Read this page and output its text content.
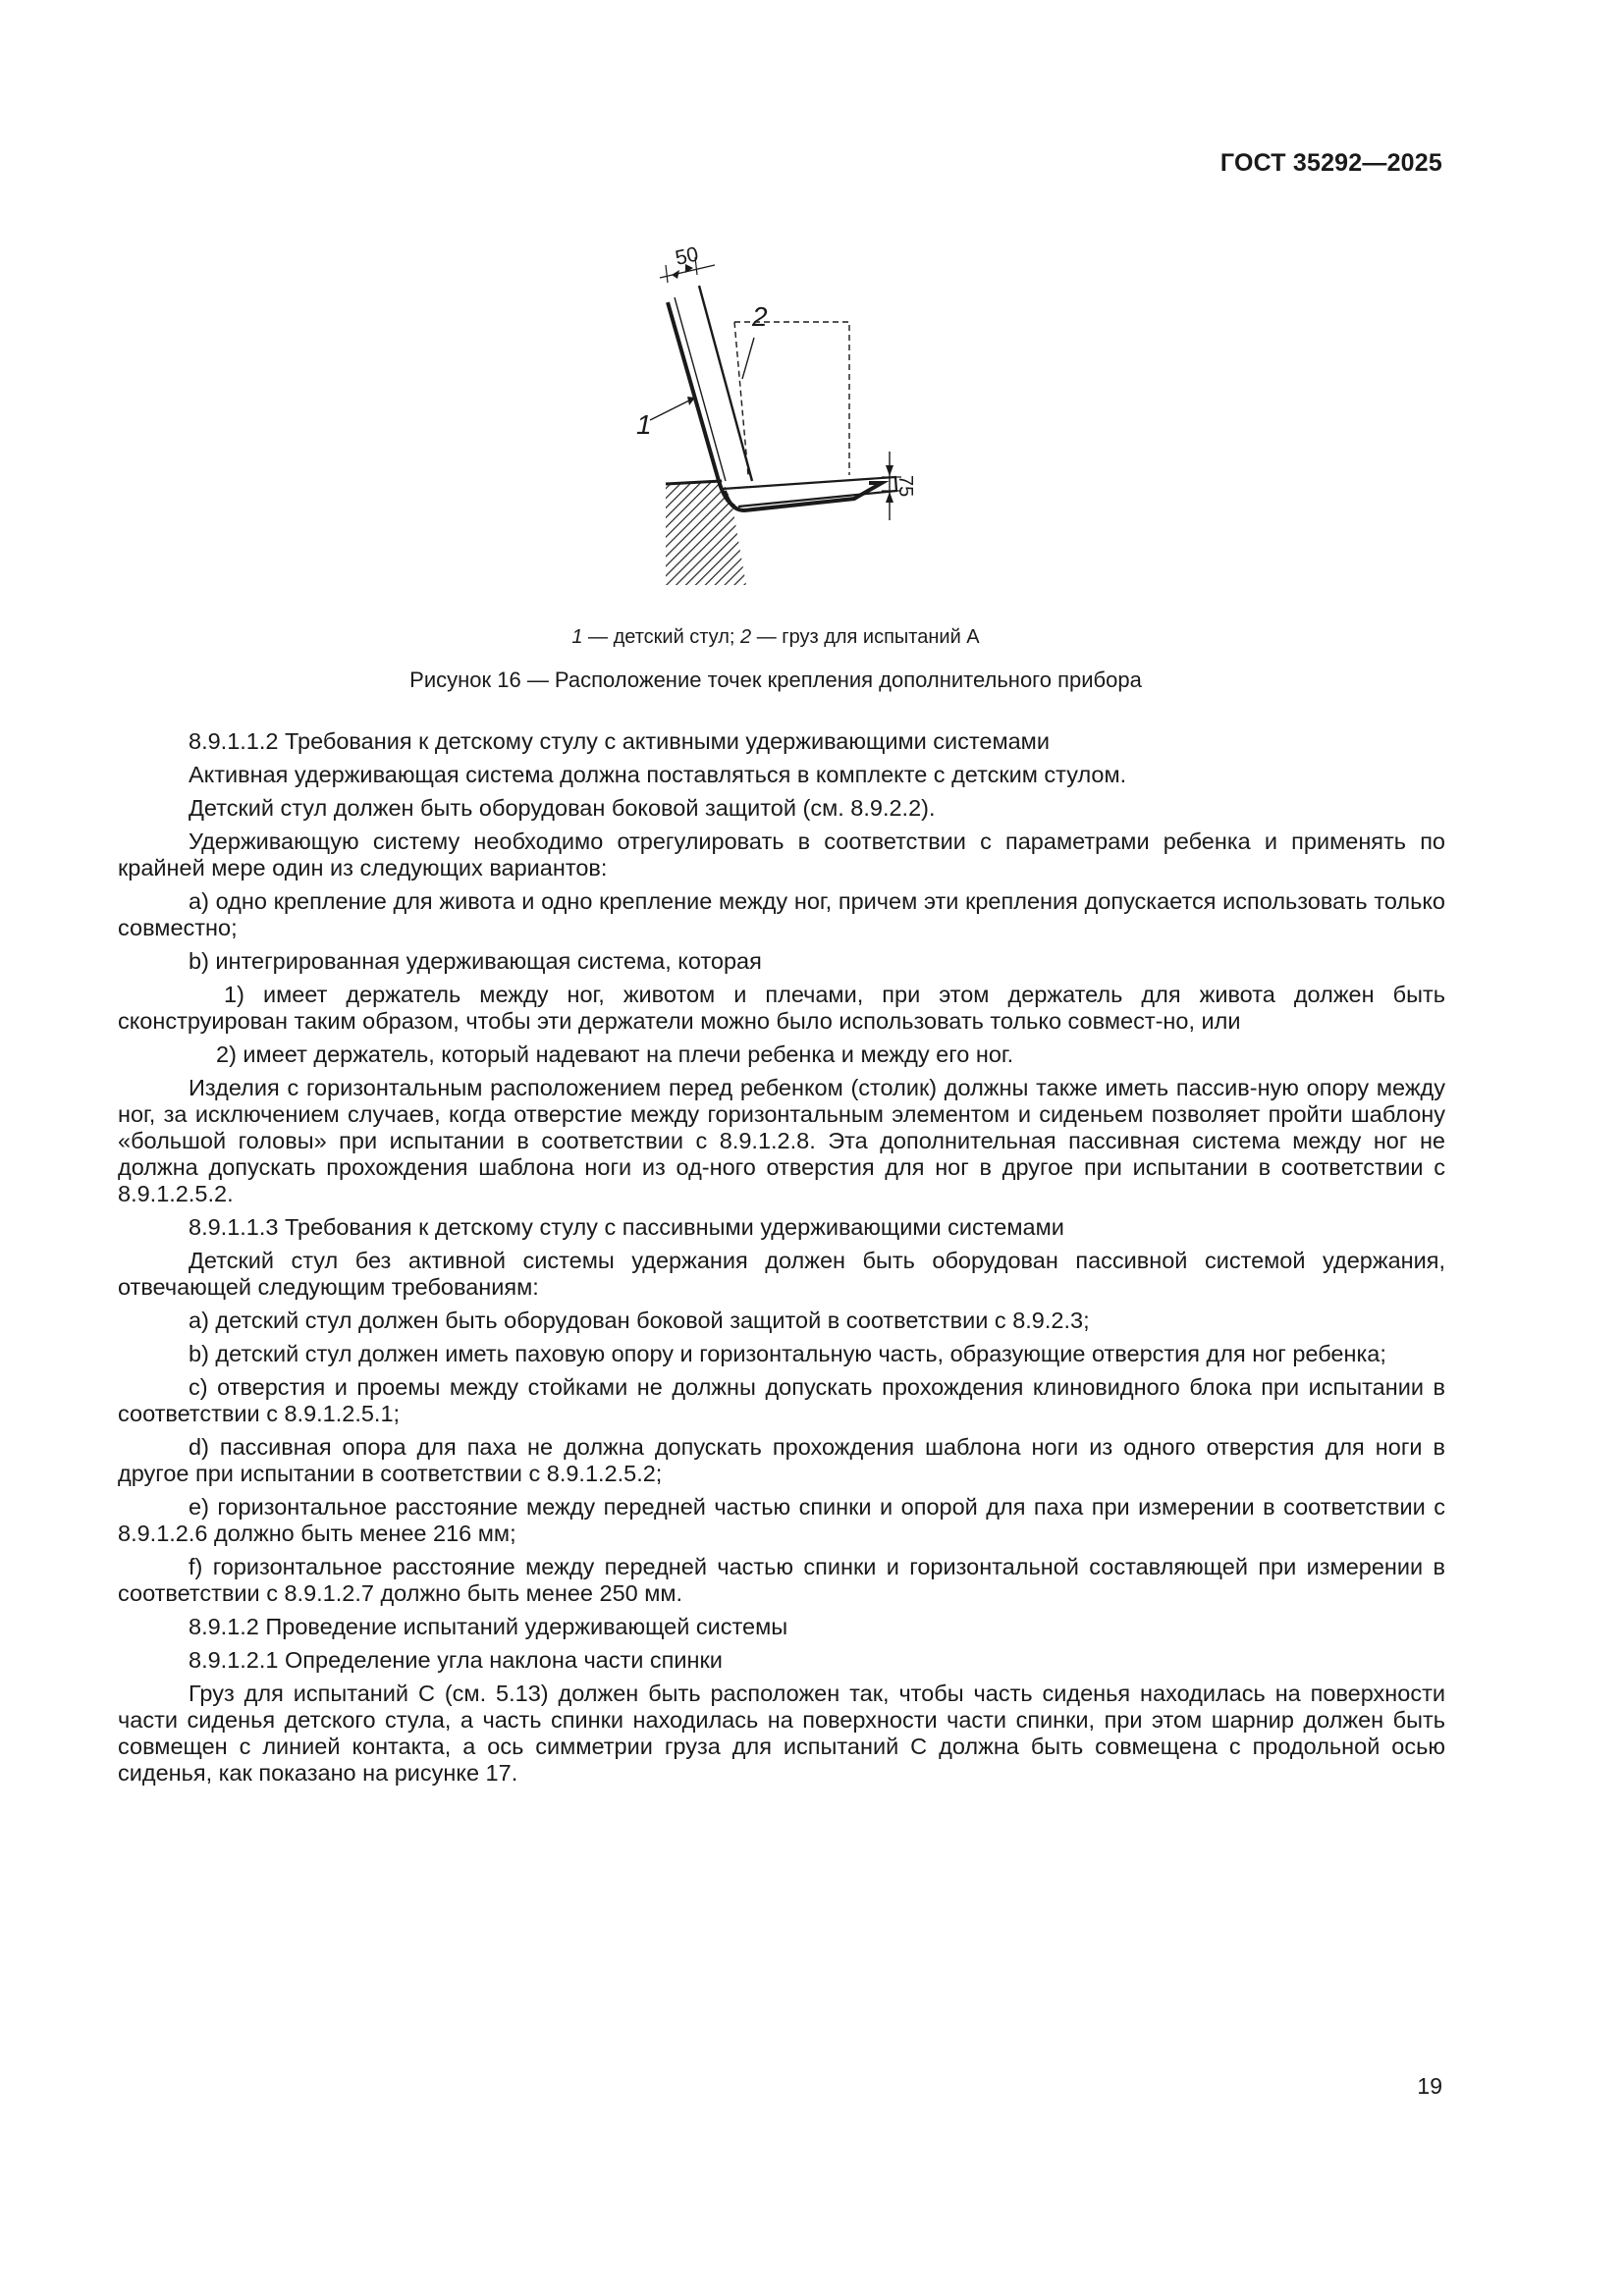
ГОСТ 35292—2025
50
75
1
2
1 — детский стул; 2 — груз для испытаний А
Рисунок 16 — Расположение точек крепления дополнительного прибора

8.9.1.1.2 Требования к детскому стулу с активными удерживающими системами

Активная удерживающая система должна поставляться в комплекте с детским стулом.

Детский стул должен быть оборудован боковой защитой (см. 8.9.2.2).

Удерживающую систему необходимо отрегулировать в соответствии с параметрами ребенка и применять по крайней мере один из следующих вариантов:

a) одно крепление для живота и одно крепление между ног, причем эти крепления допускается использовать только совместно;

b) интегрированная удерживающая система, которая

1) имеет держатель между ног, животом и плечами, при этом держатель для живота должен быть сконструирован таким образом, чтобы эти держатели можно было использовать только совмест-но, или

2) имеет держатель, который надевают на плечи ребенка и между его ног.

Изделия с горизонтальным расположением перед ребенком (столик) должны также иметь пассив-ную опору между ног, за исключением случаев, когда отверстие между горизонтальным элементом и сиденьем позволяет пройти шаблону «большой головы» при испытании в соответствии с 8.9.1.2.8. Эта дополнительная пассивная система между ног не должна допускать прохождения шаблона ноги из од-ного отверстия для ног в другое при испытании в соответствии с 8.9.1.2.5.2.

8.9.1.1.3 Требования к детскому стулу с пассивными удерживающими системами

Детский стул без активной системы удержания должен быть оборудован пассивной системой удержания, отвечающей следующим требованиям:

a) детский стул должен быть оборудован боковой защитой в соответствии с 8.9.2.3;

b) детский стул должен иметь паховую опору и горизонтальную часть, образующие отверстия для ног ребенка;

c) отверстия и проемы между стойками не должны допускать прохождения клиновидного блока при испытании в соответствии с 8.9.1.2.5.1;

d) пассивная опора для паха не должна допускать прохождения шаблона ноги из одного отверстия для ноги в другое при испытании в соответствии с 8.9.1.2.5.2;

e) горизонтальное расстояние между передней частью спинки и опорой для паха при измерении в соответствии с 8.9.1.2.6 должно быть менее 216 мм;

f) горизонтальное расстояние между передней частью спинки и горизонтальной составляющей при измерении в соответствии с 8.9.1.2.7 должно быть менее 250 мм.

8.9.1.2 Проведение испытаний удерживающей системы

8.9.1.2.1 Определение угла наклона части спинки

Груз для испытаний С (см. 5.13) должен быть расположен так, чтобы часть сиденья находилась на поверхности части сиденья детского стула, а часть спинки находилась на поверхности части спинки, при этом шарнир должен быть совмещен с линией контакта, а ось симметрии груза для испытаний С должна быть совмещена с продольной осью сиденья, как показано на рисунке 17.

19
